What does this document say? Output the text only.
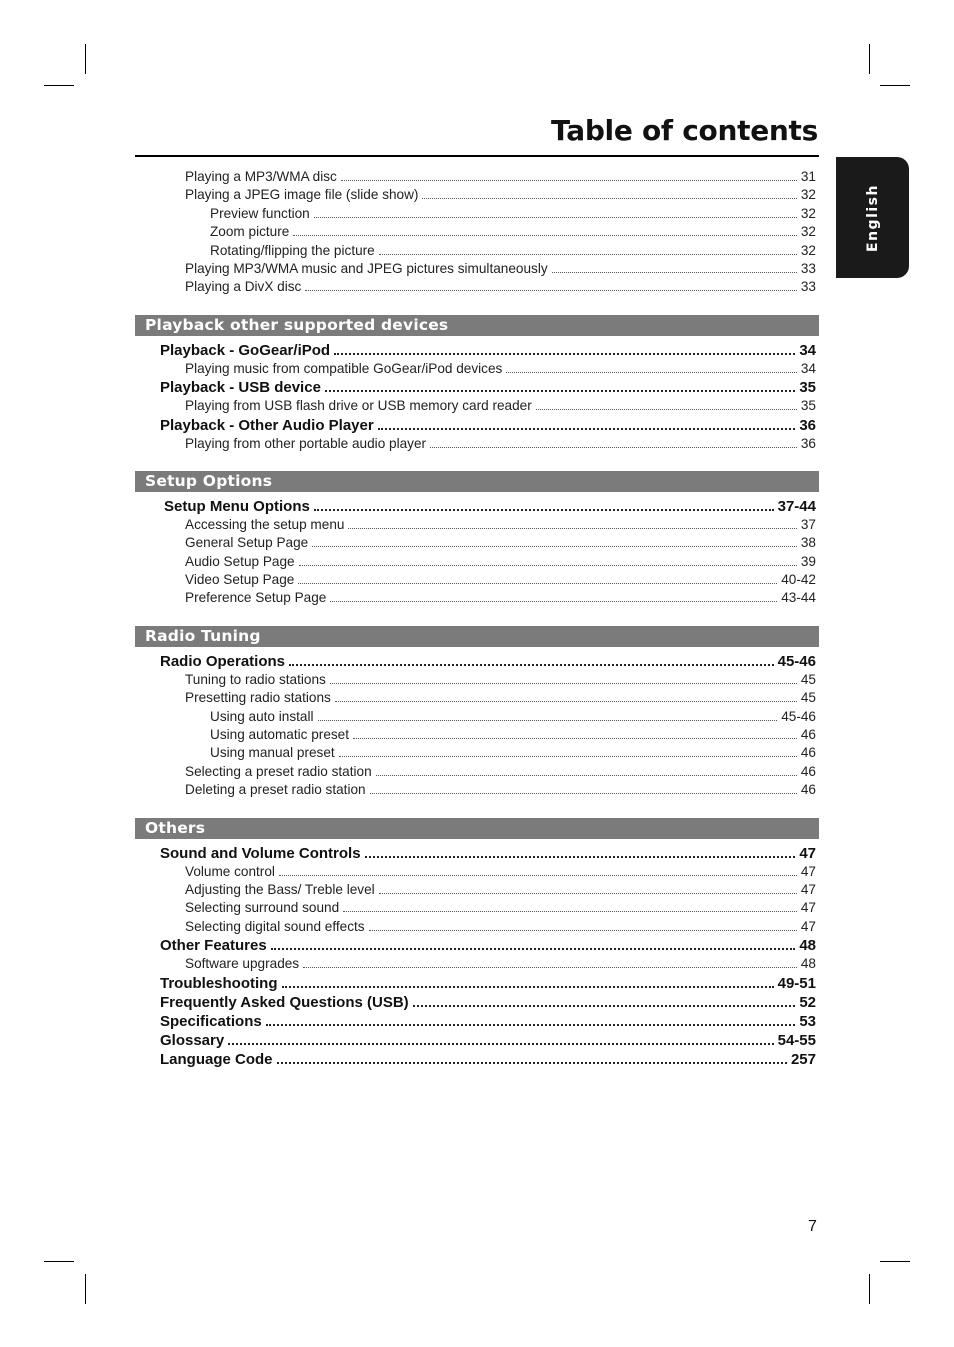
Table of contents
English
Playing a MP3/WMA disc	31
Playing a JPEG image file (slide show)	32
Preview function	32
Zoom picture	32
Rotating/flipping the picture	32
Playing MP3/WMA music and JPEG pictures simultaneously	33
Playing a DivX disc	33
Playback other supported devices
Playback - GoGear/iPod	34
Playing music from compatible GoGear/iPod devices	34
Playback - USB device	35
Playing from USB flash drive or USB memory card reader	35
Playback - Other Audio Player	36
Playing from other portable audio player	36
Setup Options
Setup Menu Options	37-44
Accessing the setup menu	37
General Setup Page	38
Audio Setup Page	39
Video Setup Page	40-42
Preference Setup Page	43-44
Radio Tuning
Radio Operations	45-46
Tuning to radio stations	45
Presetting radio stations	45
Using auto install	45-46
Using automatic preset	46
Using manual preset	46
Selecting a preset radio station	46
Deleting a preset radio station	46
Others
Sound and Volume Controls	47
Volume control	47
Adjusting the Bass/ Treble level	47
Selecting surround sound	47
Selecting digital sound effects	47
Other Features	48
Software upgrades	48
Troubleshooting	49-51
Frequently Asked Questions (USB)	52
Specifications	53
Glossary	54-55
Language Code	257
7
